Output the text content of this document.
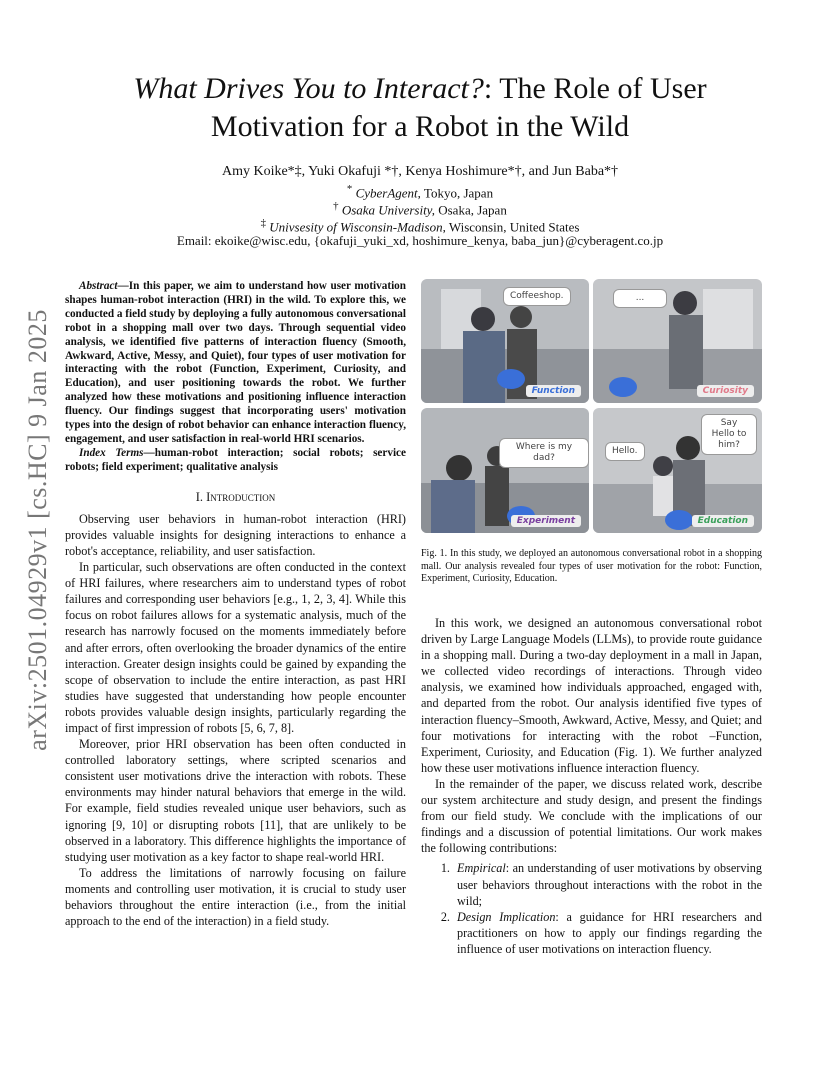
arXiv:2501.04929v1 [cs.HC] 9 Jan 2025
What Drives You to Interact?: The Role of User
Motivation for a Robot in the Wild
Amy Koike*‡, Yuki Okafuji *†, Kenya Hoshimure*†, and Jun Baba*†
* CyberAgent, Tokyo, Japan
† Osaka University, Osaka, Japan
‡ Univsesity of Wisconsin-Madison, Wisconsin, United States
Email: ekoike@wisc.edu, {okafuji_yuki_xd, hoshimure_kenya, baba_jun}@cyberagent.co.jp
Abstract—In this paper, we aim to understand how user motivation shapes human-robot interaction (HRI) in the wild. To explore this, we conducted a field study by deploying a fully autonomous conversational robot in a shopping mall over two days. Through sequential video analysis, we identified five patterns of interaction fluency (Smooth, Awkward, Active, Messy, and Quiet), four types of user motivation for interacting with the robot (Function, Experiment, Curiosity, and Education), and user positioning towards the robot. We further analyzed how these motivations and positioning influence interaction fluency. Our findings suggest that incorporating users' motivation types into the design of robot behavior can enhance interaction fluency, engagement, and user satisfaction in real-world HRI scenarios.
Index Terms—human-robot interaction; social robots; service robots; field experiment; qualitative analysis
I. Introduction

Observing user behaviors in human-robot interaction (HRI) provides valuable insights for designing interactions to enhance a robot's acceptance, reliability, and user satisfaction.

In particular, such observations are often conducted in the context of HRI failures, where researchers aim to understand types of robot failures and corresponding user behaviors [e.g., 1, 2, 3, 4]. While this focus on robot failures allows for a systematic analysis, much of the research has narrowly focused on the moments immediately before and after errors, often overlooking the broader dynamics of the entire interaction. Greater design insights could be gained by expanding the scope of observation to include the entire interaction, as past HRI studies have suggested that understanding how people encounter robots provides valuable design insights, particularly regarding the impact of first impression of robots [5, 6, 7, 8].

Moreover, prior HRI observation has been often conducted in controlled laboratory settings, where scripted scenarios and consistent user motivations drive the interaction with robots. These environments may hinder natural behaviors that emerge in the wild. For example, field studies revealed unique user behaviors, such as ignoring [9, 10] or disrupting robots [11], that are unlikely to be observed in a laboratory. This difference highlights the importance of studying user motivation as a key factor to shape real-world HRI.

To address the limitations of narrowly focusing on failure moments and controlling user motivation, it is crucial to study user behaviors throughout the entire interaction (i.e., from the initial approach to the end of the interaction) in a field study.

Coffeeshop.
Function
...
Curiosity
Where is my dad?
Experiment
Hello.
Say Hello to him?
Education
Fig. 1. In this study, we deployed an autonomous conversational robot in a shopping mall. Our analysis revealed four types of user motivation for the robot: Function, Experiment, Curiosity, Education.

In this work, we designed an autonomous conversational robot driven by Large Language Models (LLMs), to provide route guidance in a shopping mall. During a two-day deployment in a mall in Japan, we collected video recordings of interactions. Through video analysis, we examined how individuals approached, engaged with, and departed from the robot. Our analysis identified five types of interaction fluency–Smooth, Awkward, Active, Messy, and Quiet; and four motivations for interacting with the robot –Function, Experiment, Curiosity, and Education (Fig. 1). We further analyzed how these user motivations influence interaction fluency.

In the remainder of the paper, we discuss related work, describe our system architecture and study design, and present the findings from our field study. We conclude with the implications of our findings and a discussion of potential limitations. Our work makes the following contributions:

1. Empirical: an understanding of user motivations by observing user behaviors throughout interactions with the robot in the wild;
2. Design Implication: a guidance for HRI researchers and practitioners on how to apply our findings regarding the influence of user motivations on interaction fluency.
